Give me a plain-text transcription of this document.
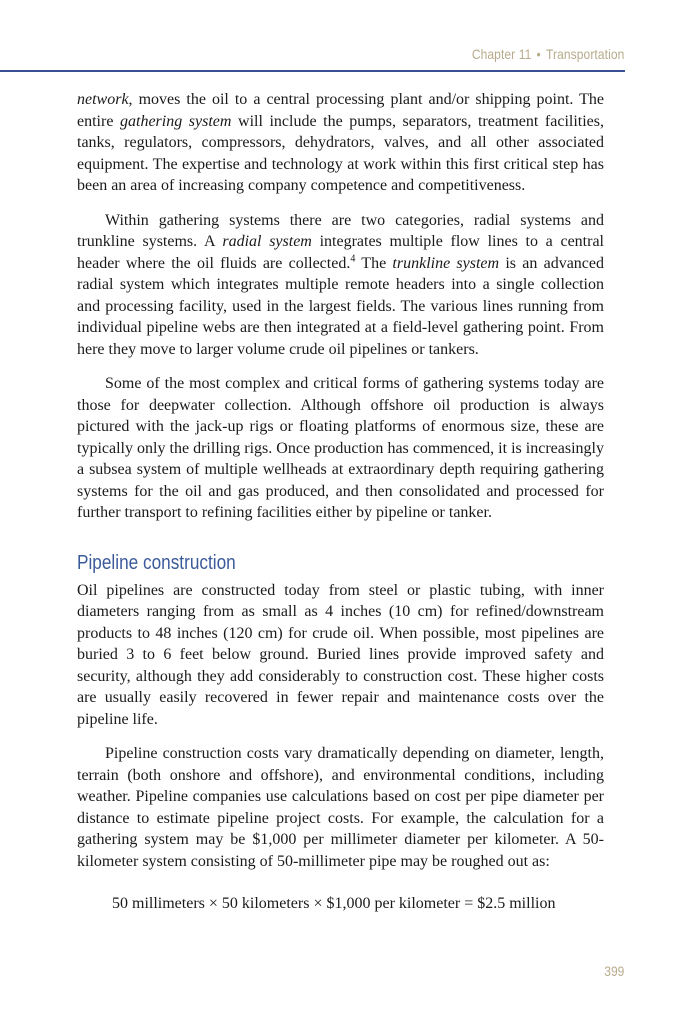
Chapter 11 • Transportation

network, moves the oil to a central processing plant and/or shipping point. The entire gathering system will include the pumps, separators, treatment facilities, tanks, regulators, compressors, dehydrators, valves, and all other associated equipment. The expertise and technology at work within this first critical step has been an area of increasing company competence and competitiveness.

Within gathering systems there are two categories, radial systems and trunkline systems. A radial system integrates multiple flow lines to a central header where the oil fluids are collected.$^4$ The trunkline system is an advanced radial system which integrates multiple remote headers into a single collection and processing facility, used in the largest fields. The various lines running from individual pipeline webs are then integrated at a field-level gathering point. From here they move to larger volume crude oil pipelines or tankers.

Some of the most complex and critical forms of gathering systems today are those for deepwater collection. Although offshore oil production is always pictured with the jack-up rigs or floating platforms of enormous size, these are typically only the drilling rigs. Once production has commenced, it is increasingly a subsea system of multiple wellheads at extraordinary depth requiring gathering systems for the oil and gas produced, and then consolidated and processed for further transport to refining facilities either by pipeline or tanker.

Pipeline construction

Oil pipelines are constructed today from steel or plastic tubing, with inner diameters ranging from as small as 4 inches (10 cm) for refined/downstream products to 48 inches (120 cm) for crude oil. When possible, most pipelines are buried 3 to 6 feet below ground. Buried lines provide improved safety and security, although they add considerably to construction cost. These higher costs are usually easily recovered in fewer repair and maintenance costs over the pipeline life.

Pipeline construction costs vary dramatically depending on diameter, length, terrain (both onshore and offshore), and environmental conditions, including weather. Pipeline companies use calculations based on cost per pipe diameter per distance to estimate pipeline project costs. For example, the calculation for a gathering system may be $1,000 per millimeter diameter per kilometer. A 50-kilometer system consisting of 50-millimeter pipe may be roughed out as:

50 millimeters × 50 kilometers × $1,000 per kilometer = $2.5 million
399
